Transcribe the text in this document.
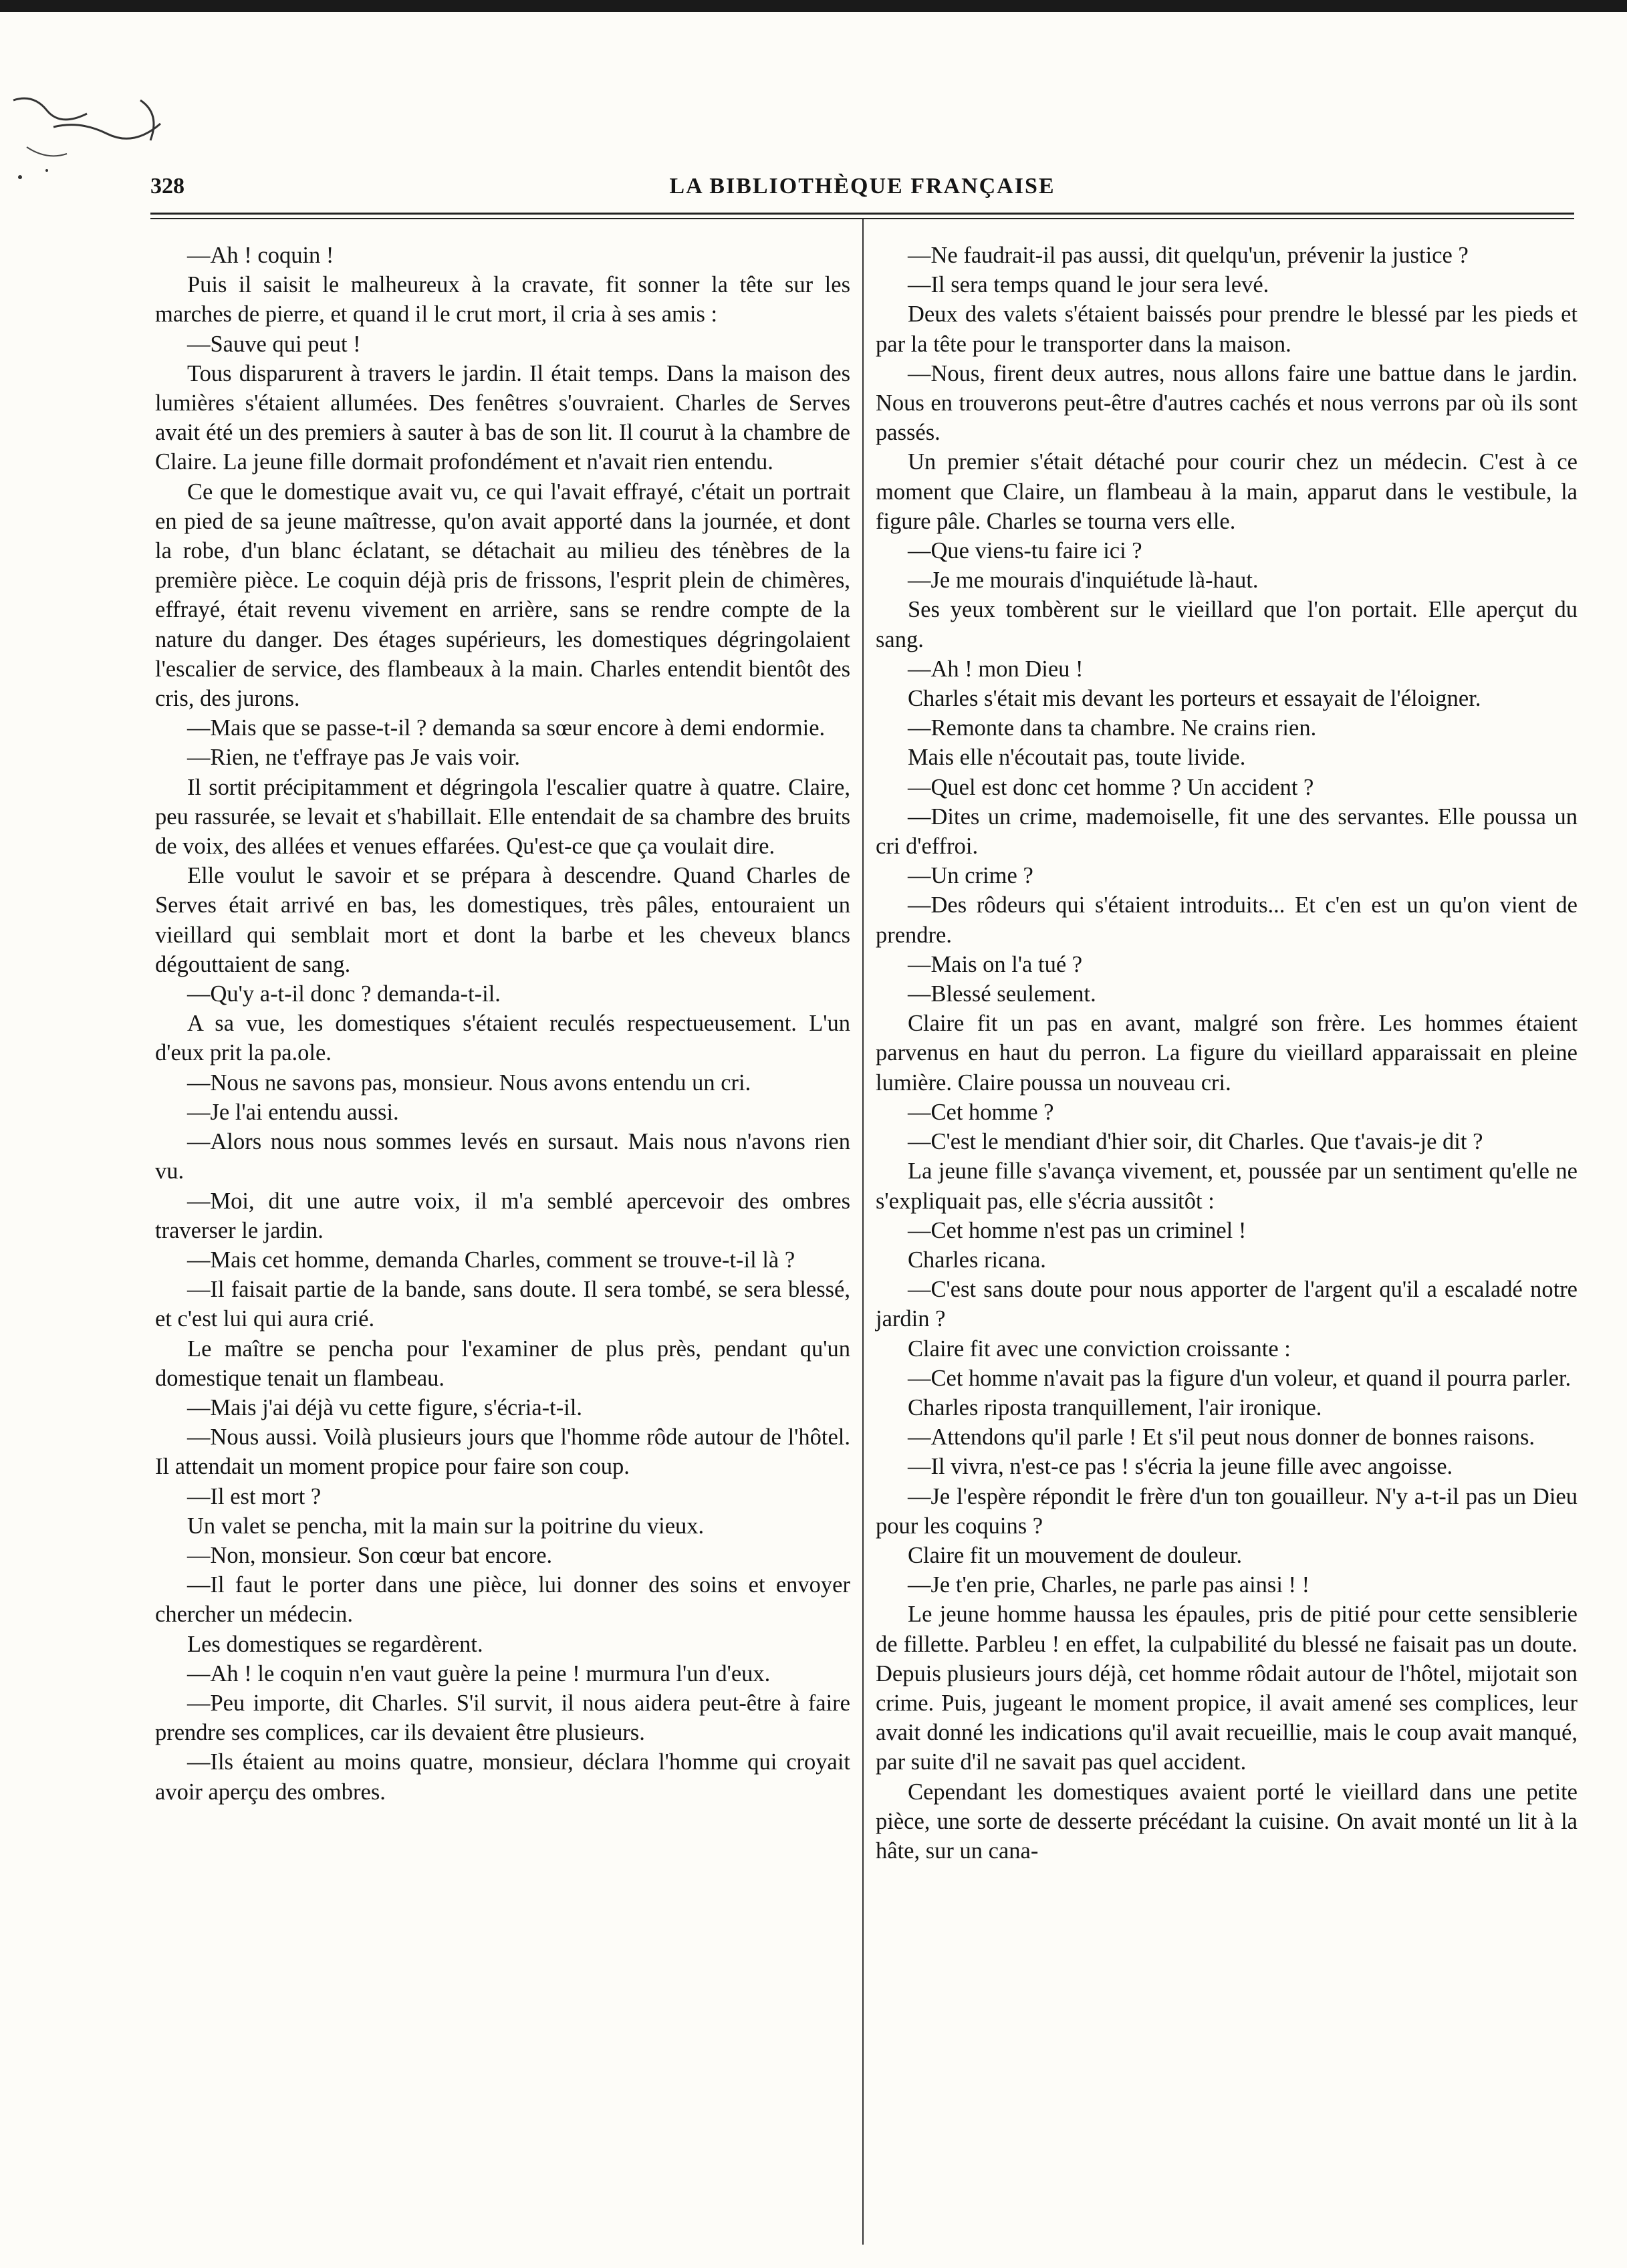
328	LA BIBLIOTHÈQUE FRANÇAISE

—Ah ! coquin !

Puis il saisit le malheureux à la cravate, fit sonner la tête sur les marches de pierre, et quand il le crut mort, il cria à ses amis :

—Sauve qui peut !

Tous disparurent à travers le jardin. Il était temps. Dans la maison des lumières s'étaient allumées. Des fenêtres s'ouvraient. Charles de Serves avait été un des premiers à sauter à bas de son lit. Il courut à la chambre de Claire. La jeune fille dormait profondément et n'avait rien entendu.

Ce que le domestique avait vu, ce qui l'avait effrayé, c'était un portrait en pied de sa jeune maîtresse, qu'on avait apporté dans la journée, et dont la robe, d'un blanc éclatant, se détachait au milieu des ténèbres de la première pièce. Le coquin déjà pris de frissons, l'esprit plein de chimères, effrayé, était revenu vivement en arrière, sans se rendre compte de la nature du danger. Des étages supérieurs, les domestiques dégringolaient l'escalier de service, des flambeaux à la main. Charles entendit bientôt des cris, des jurons.

—Mais que se passe-t-il ? demanda sa sœur encore à demi endormie.

—Rien, ne t'effraye pas Je vais voir.

Il sortit précipitamment et dégringola l'escalier quatre à quatre. Claire, peu rassurée, se levait et s'habillait. Elle entendait de sa chambre des bruits de voix, des allées et venues effarées. Qu'est-ce que ça voulait dire.

Elle voulut le savoir et se prépara à descendre. Quand Charles de Serves était arrivé en bas, les domestiques, très pâles, entouraient un vieillard qui semblait mort et dont la barbe et les cheveux blancs dégouttaient de sang.

—Qu'y a-t-il donc ? demanda-t-il.

A sa vue, les domestiques s'étaient reculés respectueusement. L'un d'eux prit la pa.ole.

—Nous ne savons pas, monsieur. Nous avons entendu un cri.

—Je l'ai entendu aussi.

—Alors nous nous sommes levés en sursaut. Mais nous n'avons rien vu.

—Moi, dit une autre voix, il m'a semblé apercevoir des ombres traverser le jardin.

—Mais cet homme, demanda Charles, comment se trouve-t-il là ?

—Il faisait partie de la bande, sans doute. Il sera tombé, se sera blessé, et c'est lui qui aura crié.

Le maître se pencha pour l'examiner de plus près, pendant qu'un domestique tenait un flambeau.

—Mais j'ai déjà vu cette figure, s'écria-t-il.

—Nous aussi. Voilà plusieurs jours que l'homme rôde autour de l'hôtel. Il attendait un moment propice pour faire son coup.

—Il est mort ?

Un valet se pencha, mit la main sur la poitrine du vieux.

—Non, monsieur. Son cœur bat encore.

—Il faut le porter dans une pièce, lui donner des soins et envoyer chercher un médecin.

Les domestiques se regardèrent.

—Ah ! le coquin n'en vaut guère la peine ! murmura l'un d'eux.

—Peu importe, dit Charles. S'il survit, il nous aidera peut-être à faire prendre ses complices, car ils devaient être plusieurs.

—Ils étaient au moins quatre, monsieur, déclara l'homme qui croyait avoir aperçu des ombres.

—Ne faudrait-il pas aussi, dit quelqu'un, prévenir la justice ?

—Il sera temps quand le jour sera levé.

Deux des valets s'étaient baissés pour prendre le blessé par les pieds et par la tête pour le transporter dans la maison.

—Nous, firent deux autres, nous allons faire une battue dans le jardin. Nous en trouverons peut-être d'autres cachés et nous verrons par où ils sont passés.

Un premier s'était détaché pour courir chez un médecin. C'est à ce moment que Claire, un flambeau à la main, apparut dans le vestibule, la figure pâle. Charles se tourna vers elle.

—Que viens-tu faire ici ?

—Je me mourais d'inquiétude là-haut.

Ses yeux tombèrent sur le vieillard que l'on portait. Elle aperçut du sang.

—Ah ! mon Dieu !

Charles s'était mis devant les porteurs et essayait de l'éloigner.

—Remonte dans ta chambre. Ne crains rien.

Mais elle n'écoutait pas, toute livide.

—Quel est donc cet homme ? Un accident ?

—Dites un crime, mademoiselle, fit une des servantes. Elle poussa un cri d'effroi.

—Un crime ?

—Des rôdeurs qui s'étaient introduits... Et c'en est un qu'on vient de prendre.

—Mais on l'a tué ?

—Blessé seulement.

Claire fit un pas en avant, malgré son frère. Les hommes étaient parvenus en haut du perron. La figure du vieillard apparaissait en pleine lumière. Claire poussa un nouveau cri.

—Cet homme ?

—C'est le mendiant d'hier soir, dit Charles. Que t'avais-je dit ?

La jeune fille s'avança vivement, et, poussée par un sentiment qu'elle ne s'expliquait pas, elle s'écria aussitôt :

—Cet homme n'est pas un criminel !

Charles ricana.

—C'est sans doute pour nous apporter de l'argent qu'il a escaladé notre jardin ?

Claire fit avec une conviction croissante :

—Cet homme n'avait pas la figure d'un voleur, et quand il pourra parler.

Charles riposta tranquillement, l'air ironique.

—Attendons qu'il parle ! Et s'il peut nous donner de bonnes raisons.

—Il vivra, n'est-ce pas ! s'écria la jeune fille avec angoisse.

—Je l'espère répondit le frère d'un ton gouailleur. N'y a-t-il pas un Dieu pour les coquins ?

Claire fit un mouvement de douleur.

—Je t'en prie, Charles, ne parle pas ainsi ! !

Le jeune homme haussa les épaules, pris de pitié pour cette sensiblerie de fillette. Parbleu ! en effet, la culpabilité du blessé ne faisait pas un doute. Depuis plusieurs jours déjà, cet homme rôdait autour de l'hôtel, mijotait son crime. Puis, jugeant le moment propice, il avait amené ses complices, leur avait donné les indications qu'il avait recueillie, mais le coup avait manqué, par suite d'il ne savait pas quel accident.

Cependant les domestiques avaient porté le vieillard dans une petite pièce, une sorte de desserte précédant la cuisine. On avait monté un lit à la hâte, sur un cana-
